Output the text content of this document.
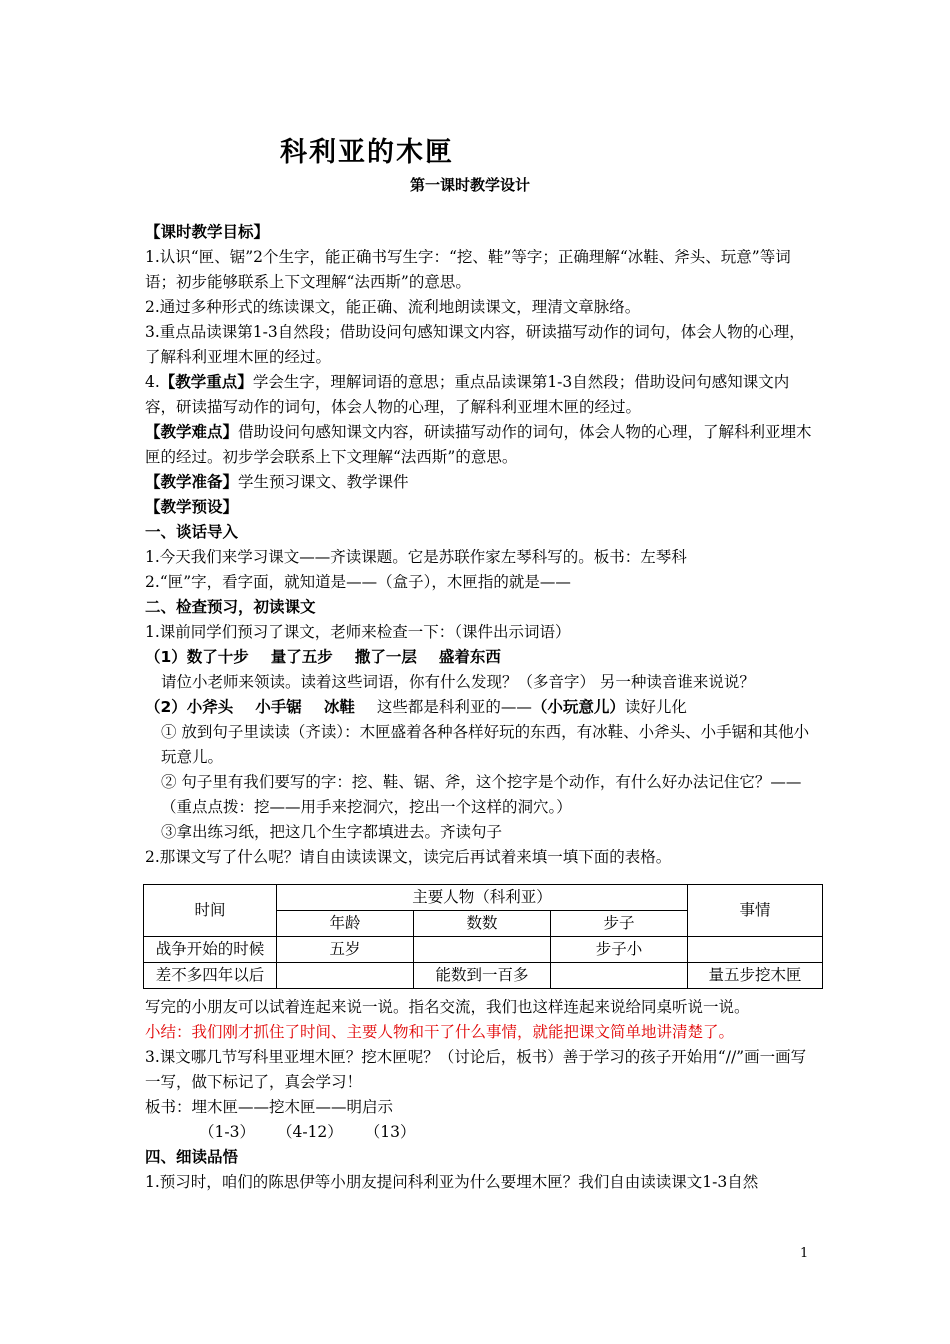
科利亚的木匣
第一课时教学设计

【课时教学目标】

1.认识“匣、锯”2个生字，能正确书写生字：“挖、鞋”等字；正确理解“冰鞋、斧头、玩意”等词语；初步能够联系上下文理解“法西斯”的意思。

2.通过多种形式的练读课文，能正确、流利地朗读课文，理清文章脉络。

3.重点品读课第1-3自然段；借助设问句感知课文内容，研读描写动作的词句，体会人物的心理，了解科利亚埋木匣的经过。

4.【教学重点】学会生字，理解词语的意思；重点品读课第1-3自然段；借助设问句感知课文内容，研读描写动作的词句，体会人物的心理，了解科利亚埋木匣的经过。

【教学难点】借助设问句感知课文内容，研读描写动作的词句，体会人物的心理，了解科利亚埋木匣的经过。初步学会联系上下文理解“法西斯”的意思。

【教学准备】学生预习课文、教学课件

【教学预设】

一、谈话导入

1.今天我们来学习课文——齐读课题。它是苏联作家左琴科写的。板书：左琴科

2.“匣”字，看字面，就知道是——（盒子），木匣指的就是——

二、检查预习，初读课文

1.课前同学们预习了课文，老师来检查一下：（课件出示词语）

（1）数了十步 量了五步 撒了一层 盛着东西

请位小老师来领读。读着这些词语，你有什么发现？（多音字） 另一种读音谁来说说？

（2）小斧头 小手锯 冰鞋 这些都是科利亚的——（小玩意儿）读好儿化

① 放到句子里读读（齐读）：木匣盛着各种各样好玩的东西，有冰鞋、小斧头、小手锯和其他小玩意儿。

② 句子里有我们要写的字：挖、鞋、锯、斧，这个挖字是个动作，有什么好办法记住它？——（重点点拨：挖——用手来挖洞穴，挖出一个这样的洞穴。）

③拿出练习纸，把这几个生字都填进去。齐读句子

2.那课文写了什么呢？请自由读读课文，读完后再试着来填一填下面的表格。

时间	主要人物（科利亚）			事情
	年龄	数数	步子	
战争开始的时候	五岁		步子小	
差不多四年以后		能数到一百多		量五步挖木匣

写完的小朋友可以试着连起来说一说。指名交流，我们也这样连起来说给同桌听说一说。

小结：我们刚才抓住了时间、主要人物和干了什么事情，就能把课文简单地讲清楚了。

3.课文哪几节写科里亚埋木匣？挖木匣呢？（讨论后，板书）善于学习的孩子开始用“//”画一画写一写，做下标记了，真会学习！

板书：埋木匣——挖木匣——明启示

（1-3） （4-12） （13）

四、细读品悟

1.预习时，咱们的陈思伊等小朋友提问科利亚为什么要埋木匣？我们自由读读课文1-3自然

1
